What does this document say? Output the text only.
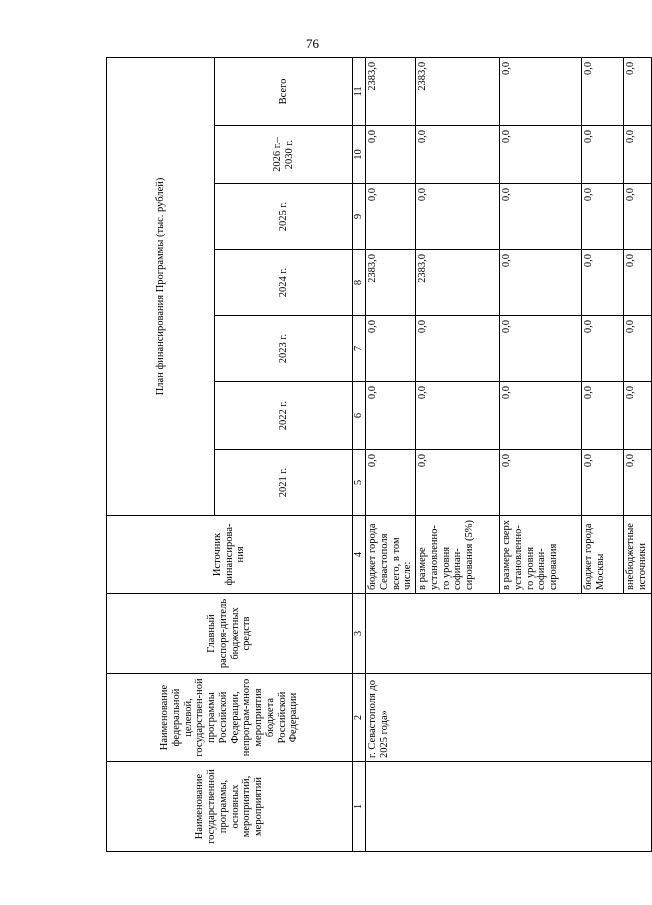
76
Наименование государственной программы, основных мероприятий, мероприятий	Наименование федеральной целевой, государствен-ной программы Российской Федерации, непрограм-много мероприятия бюджета Российской Федерации	Главный распоря-дитель бюджетных средств	Источник финансирова-ния	План финансирования Программы (тыс. рублей)						
				2021 г.	2022 г.	2023 г.	2024 г.	2025 г.	2026 г.– 2030 г.	Всего
1	2	3	4	5	6	7	8	9	10	11
	г. Севастополя до 2025 года»		бюджет города Севастополя всего, в том числе:	0,0	0,0	0,0	2383,0	0,0	0,0	2383,0
			в размере установленно-го уровня софинан-сирования (5%)	0,0	0,0	0,0	2383,0	0,0	0,0	2383,0
			в размере сверх установленно-го уровня софинан-сирования	0,0	0,0	0,0	0,0	0,0	0,0	0,0
			бюджет города Москвы	0,0	0,0	0,0	0,0	0,0	0,0	0,0
			внебюджетные источники	0,0	0,0	0,0	0,0	0,0	0,0	0,0
